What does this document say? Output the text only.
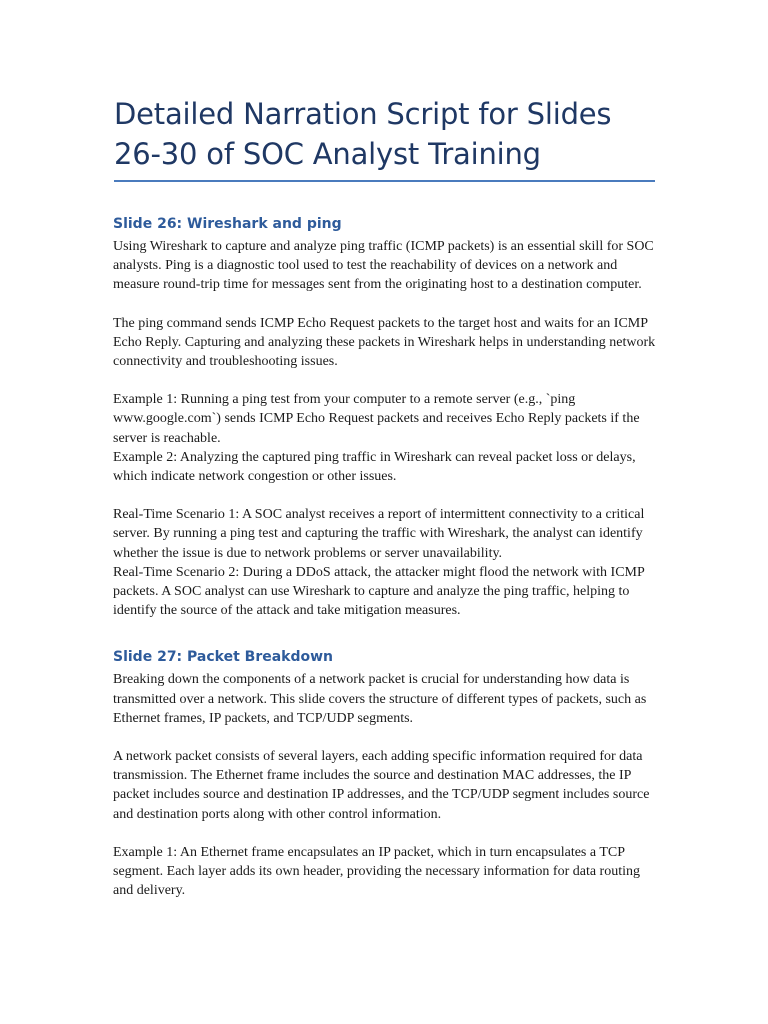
Detailed Narration Script for Slides 26-30 of SOC Analyst Training
Slide 26: Wireshark and ping

Using Wireshark to capture and analyze ping traffic (ICMP packets) is an essential skill for SOC analysts. Ping is a diagnostic tool used to test the reachability of devices on a network and measure round-trip time for messages sent from the originating host to a destination computer.

The ping command sends ICMP Echo Request packets to the target host and waits for an ICMP Echo Reply. Capturing and analyzing these packets in Wireshark helps in understanding network connectivity and troubleshooting issues.

Example 1: Running a ping test from your computer to a remote server (e.g., `ping www.google.com`) sends ICMP Echo Request packets and receives Echo Reply packets if the server is reachable.
Example 2: Analyzing the captured ping traffic in Wireshark can reveal packet loss or delays, which indicate network congestion or other issues.

Real-Time Scenario 1: A SOC analyst receives a report of intermittent connectivity to a critical server. By running a ping test and capturing the traffic with Wireshark, the analyst can identify whether the issue is due to network problems or server unavailability.
Real-Time Scenario 2: During a DDoS attack, the attacker might flood the network with ICMP packets. A SOC analyst can use Wireshark to capture and analyze the ping traffic, helping to identify the source of the attack and take mitigation measures.

Slide 27: Packet Breakdown

Breaking down the components of a network packet is crucial for understanding how data is transmitted over a network. This slide covers the structure of different types of packets, such as Ethernet frames, IP packets, and TCP/UDP segments.

A network packet consists of several layers, each adding specific information required for data transmission. The Ethernet frame includes the source and destination MAC addresses, the IP packet includes source and destination IP addresses, and the TCP/UDP segment includes source and destination ports along with other control information.

Example 1: An Ethernet frame encapsulates an IP packet, which in turn encapsulates a TCP segment. Each layer adds its own header, providing the necessary information for data routing and delivery.
